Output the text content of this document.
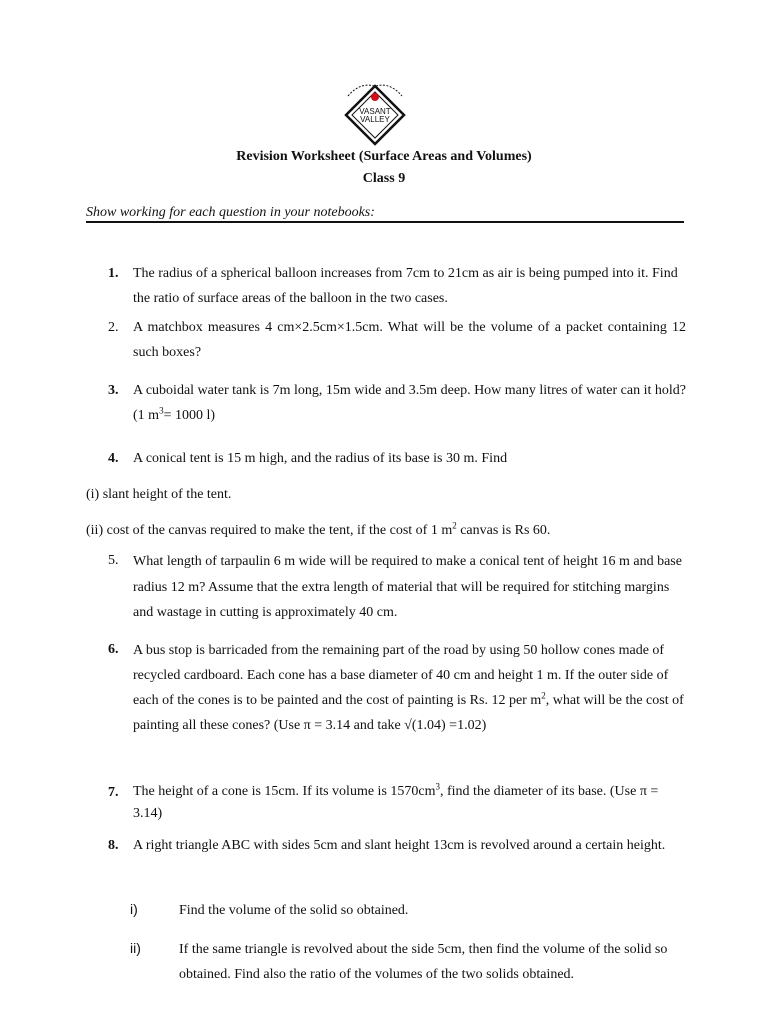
VASANT
VALLEY
Revision Worksheet (Surface Areas and Volumes)
Class 9
Show working for each question in your notebooks:
1.	The radius of a spherical balloon increases from 7cm to 21cm as air is being pumped into it. Find the ratio of surface areas of the balloon in the two cases.
2.	A matchbox measures 4 cm×2.5cm×1.5cm. What will be the volume of a packet containing 12 such boxes?
3.	A cuboidal water tank is 7m long, 15m wide and 3.5m deep. How many litres of water can it hold? (1 $m^3= 1000$ l)
4.	A conical tent is 15 m high, and the radius of its base is 30 m. Find
(i) slant height of the tent.
(ii) cost of the canvas required to make the tent, if the cost of 1 $m^2$ canvas is Rs 60.
5.	What length of tarpaulin 6 m wide will be required to make a conical tent of height 16 m and base radius 12 m? Assume that the extra length of material that will be required for stitching margins and wastage in cutting is approximately 40 cm.
6.	A bus stop is barricaded from the remaining part of the road by using 50 hollow cones made of recycled cardboard. Each cone has a base diameter of 40 cm and height 1 m. If the outer side of each of the cones is to be painted and the cost of painting is Rs. 12 per $m^2$, what will be the cost of painting all these cones? (Use π = 3.14 and take √(1.04) =1.02)
7.	The height of a cone is 15cm. If its volume is $1570cm^3$, find the diameter of its base. (Use π = 3.14)
8.	A right triangle ABC with sides 5cm and slant height 13cm is revolved around a certain height.
i)	Find the volume of the solid so obtained.
ii)	If the same triangle is revolved about the side 5cm, then find the volume of the solid so obtained. Find also the ratio of the volumes of the two solids obtained.
